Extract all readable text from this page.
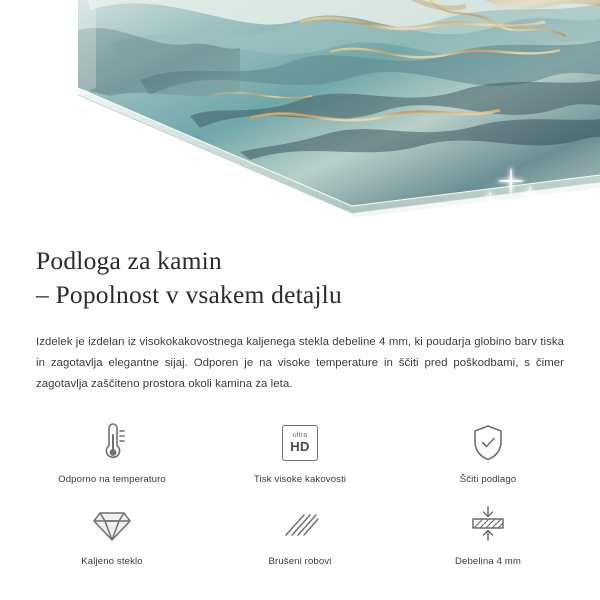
Podloga za kamin
– Popolnost v vsakem detajlu

Izdelek je izdelan iz visokokakovostnega kaljenega stekla debeline 4 mm, ki poudarja globino barv tiska in zagotavlja elegantne sijaj. Odporen je na visoke temperature in ščiti pred poškodbami, s čimer zagotavlja zaščiteno prostora okoli kamina za leta.

Odporno na temperaturo
ultra
HD
Tisk visoke kakovosti	Ščiti podlago
Kaljeno steklo	Brušeni robovi	Debelina 4 mm
